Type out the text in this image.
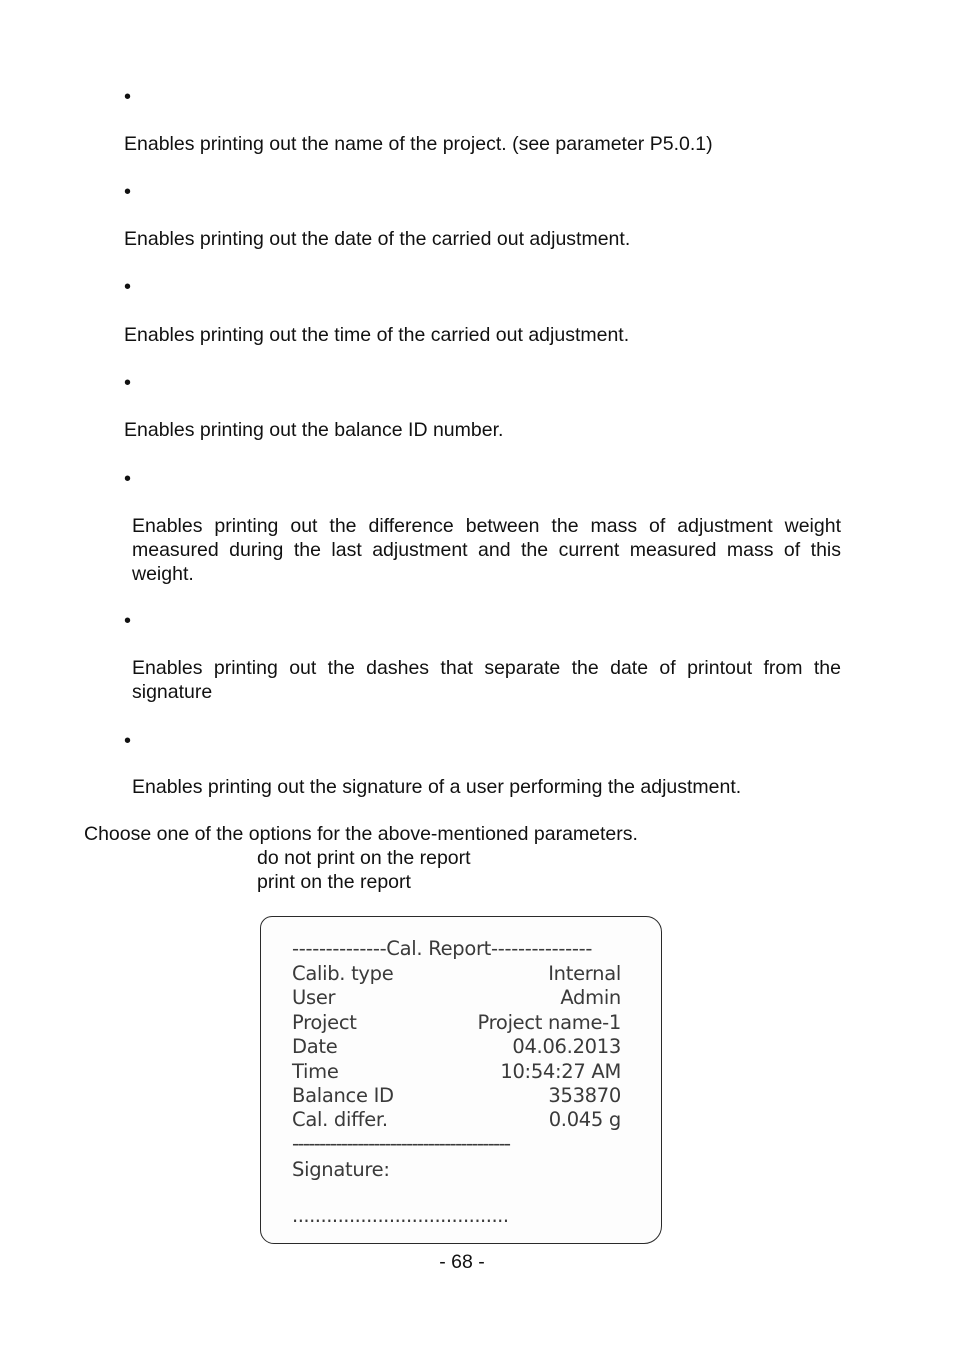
•
Enables printing out the name of the project. (see parameter P5.0.1)
•
Enables printing out the date of the carried out adjustment.
•
Enables printing out the time of the carried out adjustment.
•
Enables printing out the balance ID number.
•
Enables printing out the difference between the mass of adjustment weight measured during the last adjustment and the current measured mass of this weight.
•
Enables printing out the dashes that separate the date of printout from the signature
•
Enables printing out the signature of a user performing the adjustment.
Choose one of the options for the above-mentioned parameters.
do not print on the report
print on the report
--------------Cal. Report---------------
Calib. type	Internal
User	Admin
Project	Project name-1
Date	04.06.2013
Time	10:54:27 AM
Balance ID	353870
Cal. differ.	0.045 g
----------------------------------------
Signature:
......................................
- 68 -
